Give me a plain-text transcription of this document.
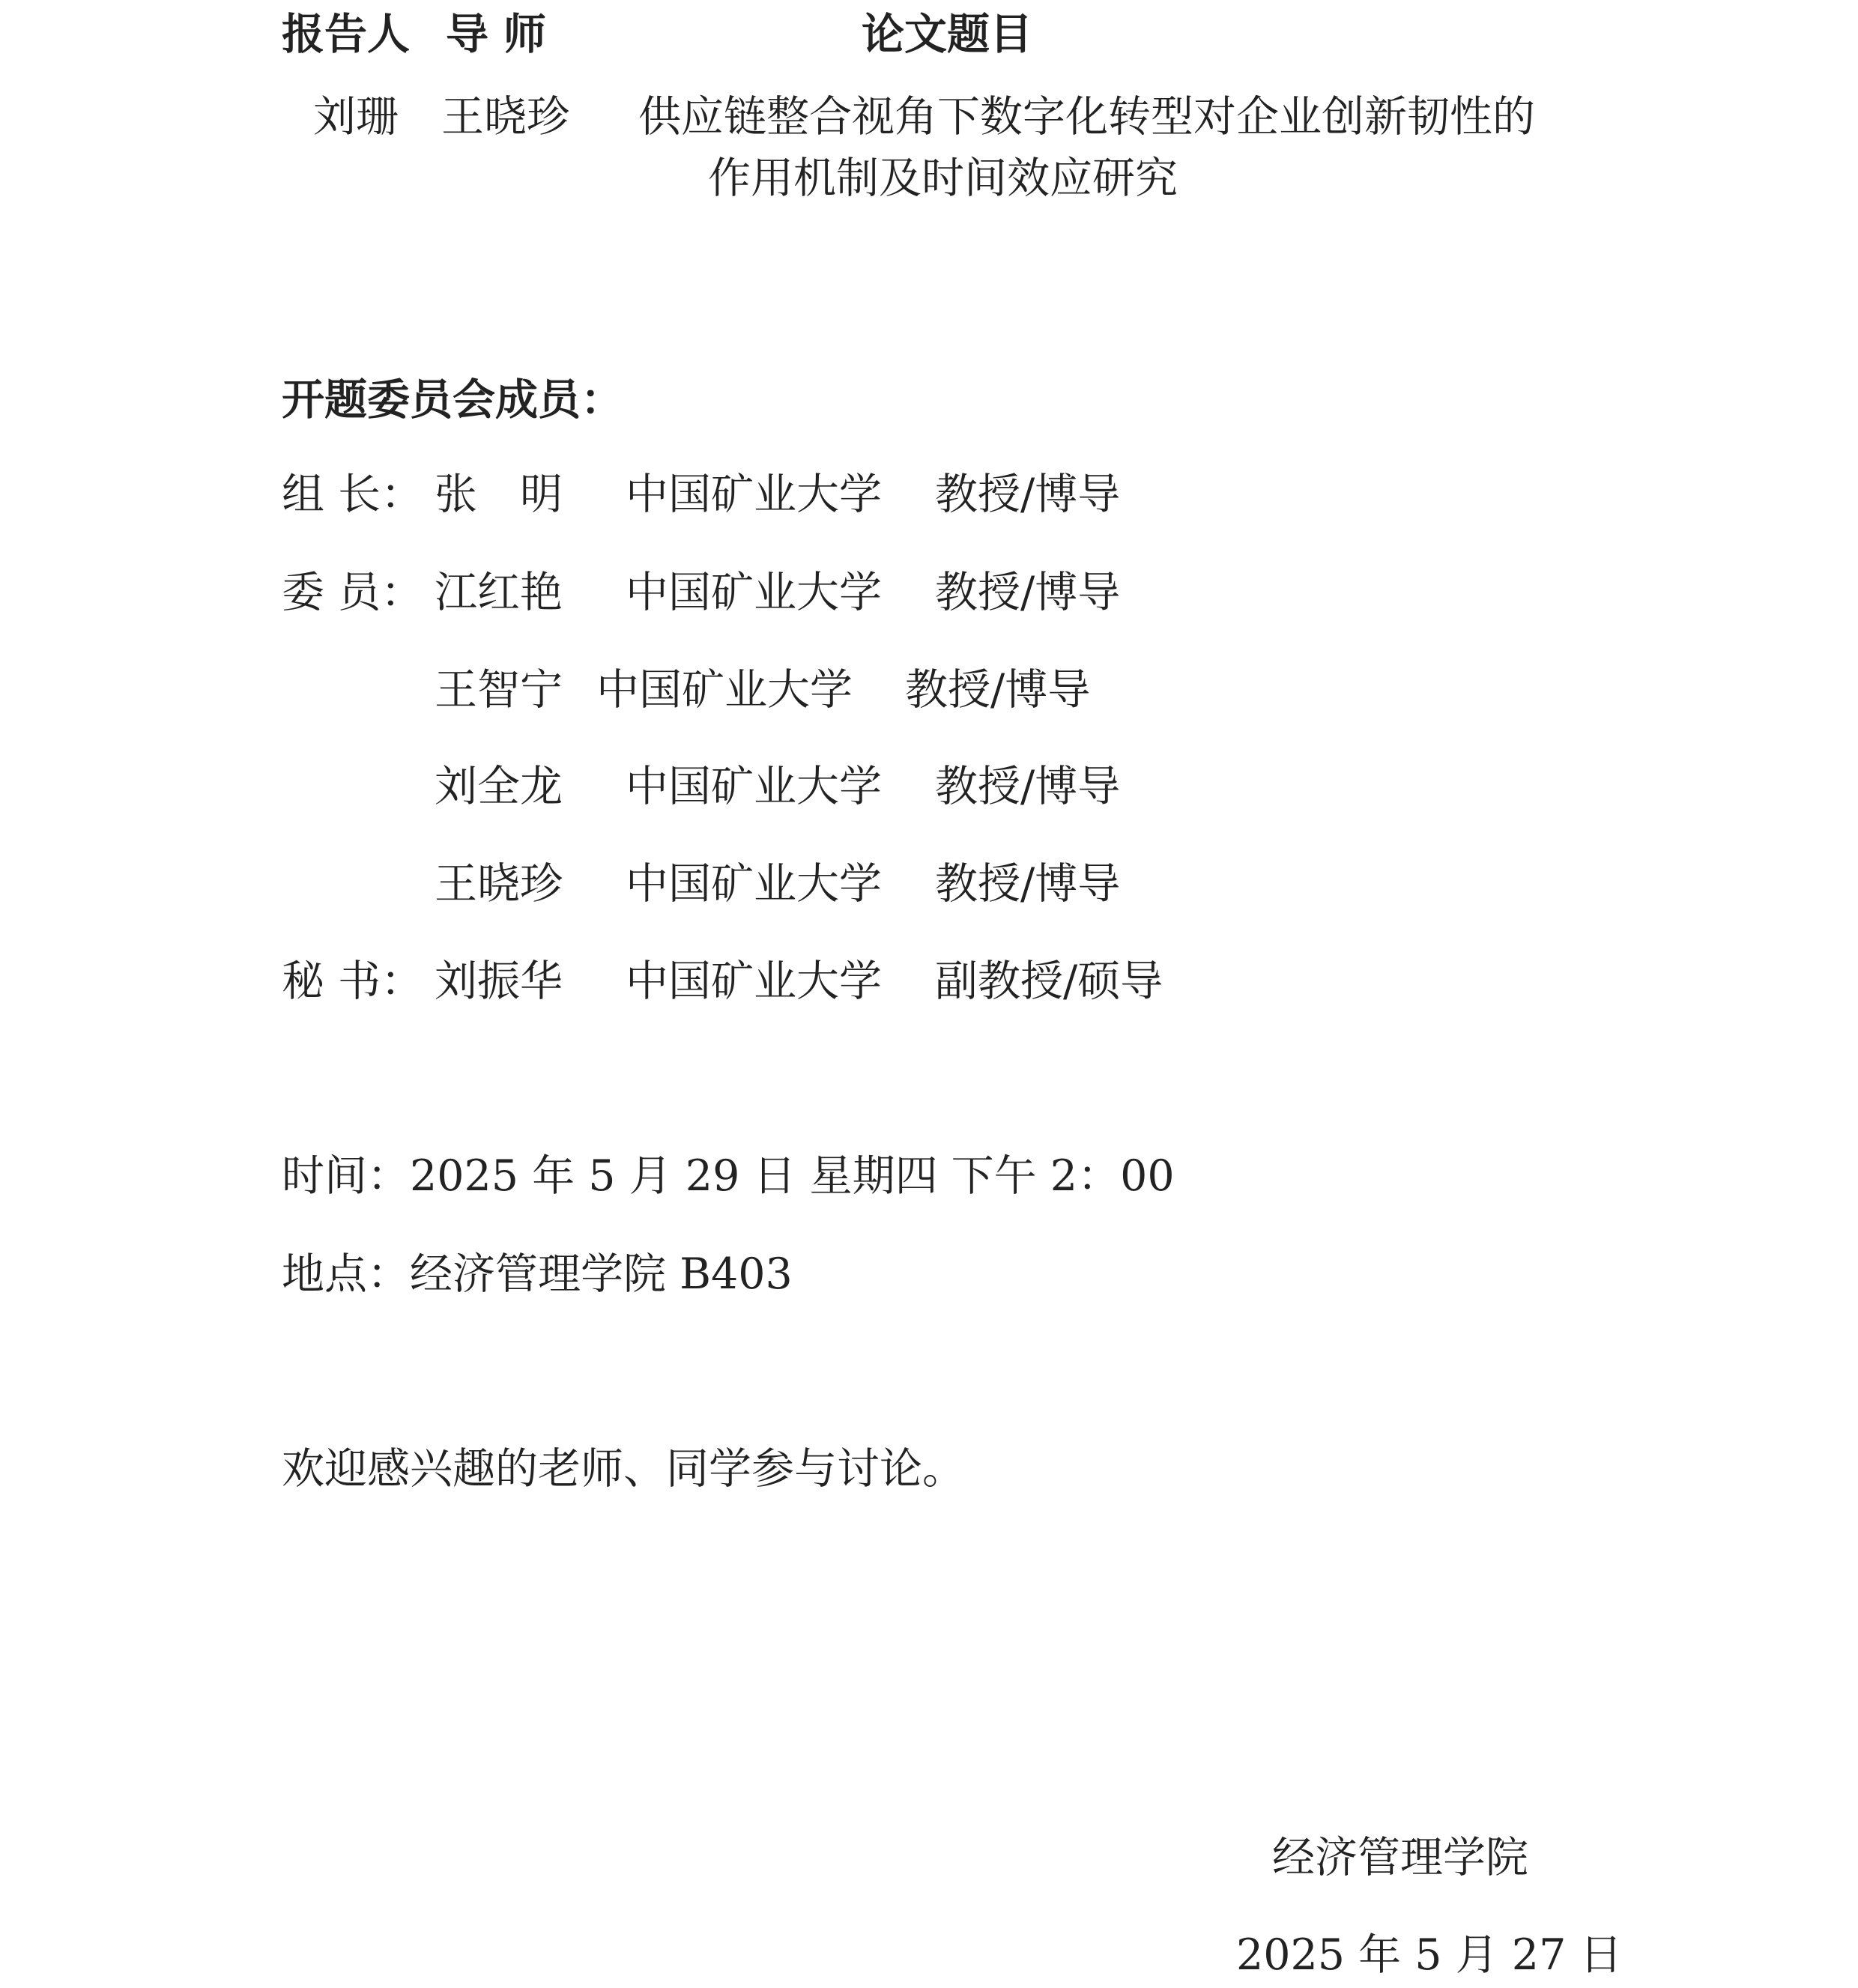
报告人 导 师	论文题目
刘珊 王晓珍 供应链整合视角下数字化转型对企业创新韧性的
作用机制及时间效应研究
开题委员会成员：
组 长： 张　明 中国矿业大学 教授/博导
委 员： 江红艳 中国矿业大学 教授/博导
王智宁 中国矿业大学 教授/博导
刘全龙 中国矿业大学 教授/博导
王晓珍 中国矿业大学 教授/博导
秘 书： 刘振华 中国矿业大学 副教授/硕导
时间：2025 年 5 月 29 日 星期四 下午 2：00
地点：经济管理学院 B403
欢迎感兴趣的老师、同学参与讨论。
经济管理学院
2025 年 5 月 27 日
